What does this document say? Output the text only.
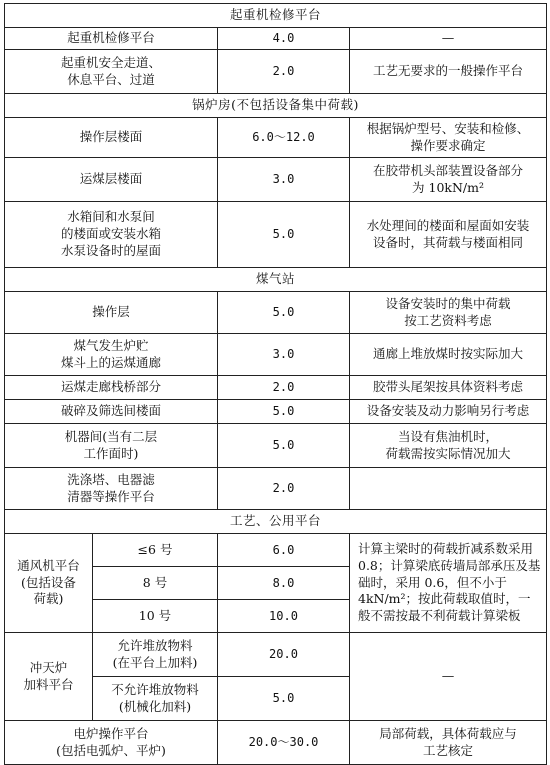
起重机检修平台			
起重机检修平台		4.0	—
起重机安全走道、
休息平台、过道		2.0	工艺无要求的一般操作平台
锅炉房(不包括设备集中荷载)			
操作层楼面		6.0～12.0	根据锅炉型号、安装和检修、
操作要求确定
运煤层楼面		3.0	在胶带机头部装置设备部分
为 10kN/m²
水箱间和水泵间
的楼面或安装水箱
水泵设备时的屋面		5.0	水处理间的楼面和屋面如安装
设备时，其荷载与楼面相同
煤气站			
操作层		5.0	设备安装时的集中荷载
按工艺资料考虑
煤气发生炉贮
煤斗上的运煤通廊		3.0	通廊上堆放煤时按实际加大
运煤走廊栈桥部分		2.0	胶带头尾架按具体资料考虑
破碎及筛选间楼面		5.0	设备安装及动力影响另行考虑
机器间(当有二层
工作面时)		5.0	当设有焦油机时，
荷载需按实际情况加大
洗涤塔、电器滤
清器等操作平台		2.0	
工艺、公用平台			
通风机平台
(包括设备
荷载)	≤6 号	6.0	计算主梁时的荷载折减系数采用 0.8；计算梁底砖墙局部承压及基础时，采用 0.6，但不小于 4kN/m²；按此荷载取值时，一般不需按最不利荷载计算梁板
	8 号	8.0	
	10 号	10.0	
冲天炉
加料平台	允许堆放物料
(在平台上加料)	20.0	—
	不允许堆放物料
(机械化加料)	5.0	
电炉操作平台
(包括电弧炉、平炉)		20.0～30.0	局部荷载，具体荷载应与
工艺核定
